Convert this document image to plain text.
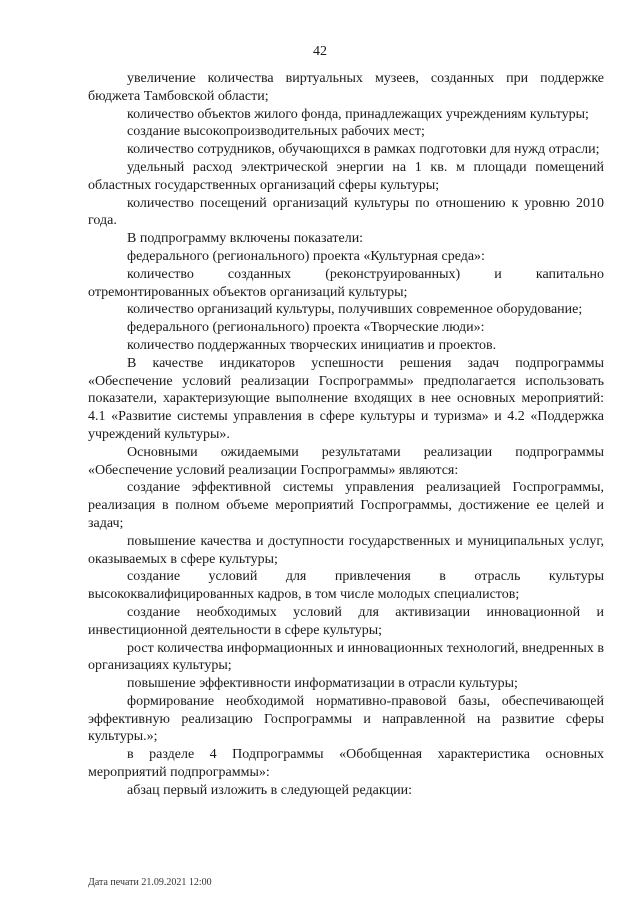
42

увеличение количества виртуальных музеев, созданных при поддержке бюджета Тамбовской области;

количество объектов жилого фонда, принадлежащих учреждениям культуры;

создание высокопроизводительных рабочих мест;

количество сотрудников, обучающихся в рамках подготовки для нужд отрасли;

удельный расход электрической энергии на 1 кв. м площади помещений областных государственных организаций сферы культуры;

количество посещений организаций культуры по отношению к уровню 2010 года.

В подпрограмму включены показатели:

федерального (регионального) проекта «Культурная среда»:

количество созданных (реконструированных) и капитально отремонтированных объектов организаций культуры;

количество организаций культуры, получивших современное оборудование;

федерального (регионального) проекта «Творческие люди»:

количество поддержанных творческих инициатив и проектов.

В качестве индикаторов успешности решения задач подпрограммы «Обеспечение условий реализации Госпрограммы» предполагается использовать показатели, характеризующие выполнение входящих в нее основных мероприятий: 4.1 «Развитие системы управления в сфере культуры и туризма» и 4.2 «Поддержка учреждений культуры».

Основными ожидаемыми результатами реализации подпрограммы «Обеспечение условий реализации Госпрограммы» являются:

создание эффективной системы управления реализацией Госпрограммы, реализация в полном объеме мероприятий Госпрограммы, достижение ее целей и задач;

повышение качества и доступности государственных и муниципальных услуг, оказываемых в сфере культуры;

создание условий для привлечения в отрасль культуры высококвалифицированных кадров, в том числе молодых специалистов;

создание необходимых условий для активизации инновационной и инвестиционной деятельности в сфере культуры;

рост количества информационных и инновационных технологий, внедренных в организациях культуры;

повышение эффективности информатизации в отрасли культуры;

формирование необходимой нормативно-правовой базы, обеспечивающей эффективную реализацию Госпрограммы и направленной на развитие сферы культуры.»;

в разделе 4 Подпрограммы «Обобщенная характеристика основных мероприятий подпрограммы»:

абзац первый изложить в следующей редакции:

Дата печати 21.09.2021 12:00
